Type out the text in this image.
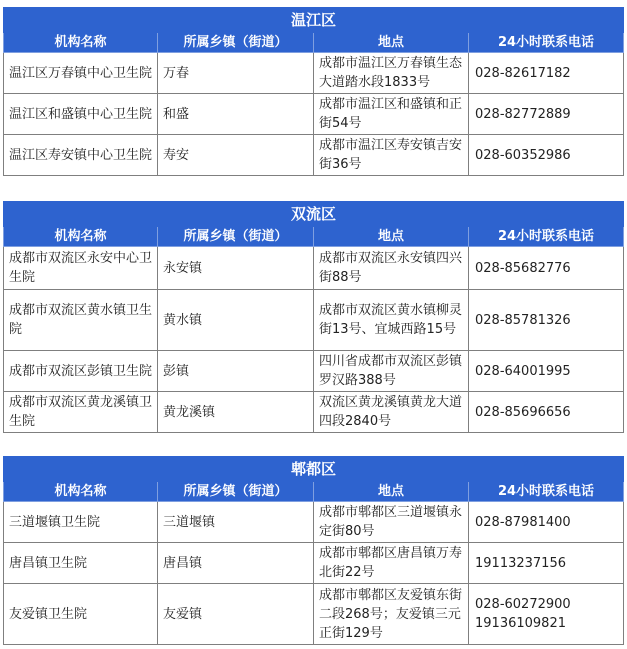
温江区			
机构名称	所属乡镇（街道）	地点	24小时联系电话
温江区万春镇中心卫生院	万春	成都市温江区万春镇生态大道踏水段1833号	028-82617182
温江区和盛镇中心卫生院	和盛	成都市温江区和盛镇和正街54号	028-82772889
温江区寿安镇中心卫生院	寿安	成都市温江区寿安镇吉安街36号	028-60352986
双流区			
机构名称	所属乡镇（街道）	地点	24小时联系电话
成都市双流区永安中心卫生院	永安镇	成都市双流区永安镇四兴街88号	028-85682776
成都市双流区黄水镇卫生院	黄水镇	成都市双流区黄水镇柳灵街13号、宜城西路15号	028-85781326
成都市双流区彭镇卫生院	彭镇	四川省成都市双流区彭镇罗汉路388号	028-64001995
成都市双流区黄龙溪镇卫生院	黄龙溪镇	双流区黄龙溪镇黄龙大道四段2840号	028-85696656
郫都区			
机构名称	所属乡镇（街道）	地点	24小时联系电话
三道堰镇卫生院	三道堰镇	成都市郫都区三道堰镇永定街80号	028-87981400
唐昌镇卫生院	唐昌镇	成都市郫都区唐昌镇万寿北街22号	19113237156
友爱镇卫生院	友爱镇	成都市郫都区友爱镇东街二段268号；友爱镇三元正街129号	028-60272900
19136109821
